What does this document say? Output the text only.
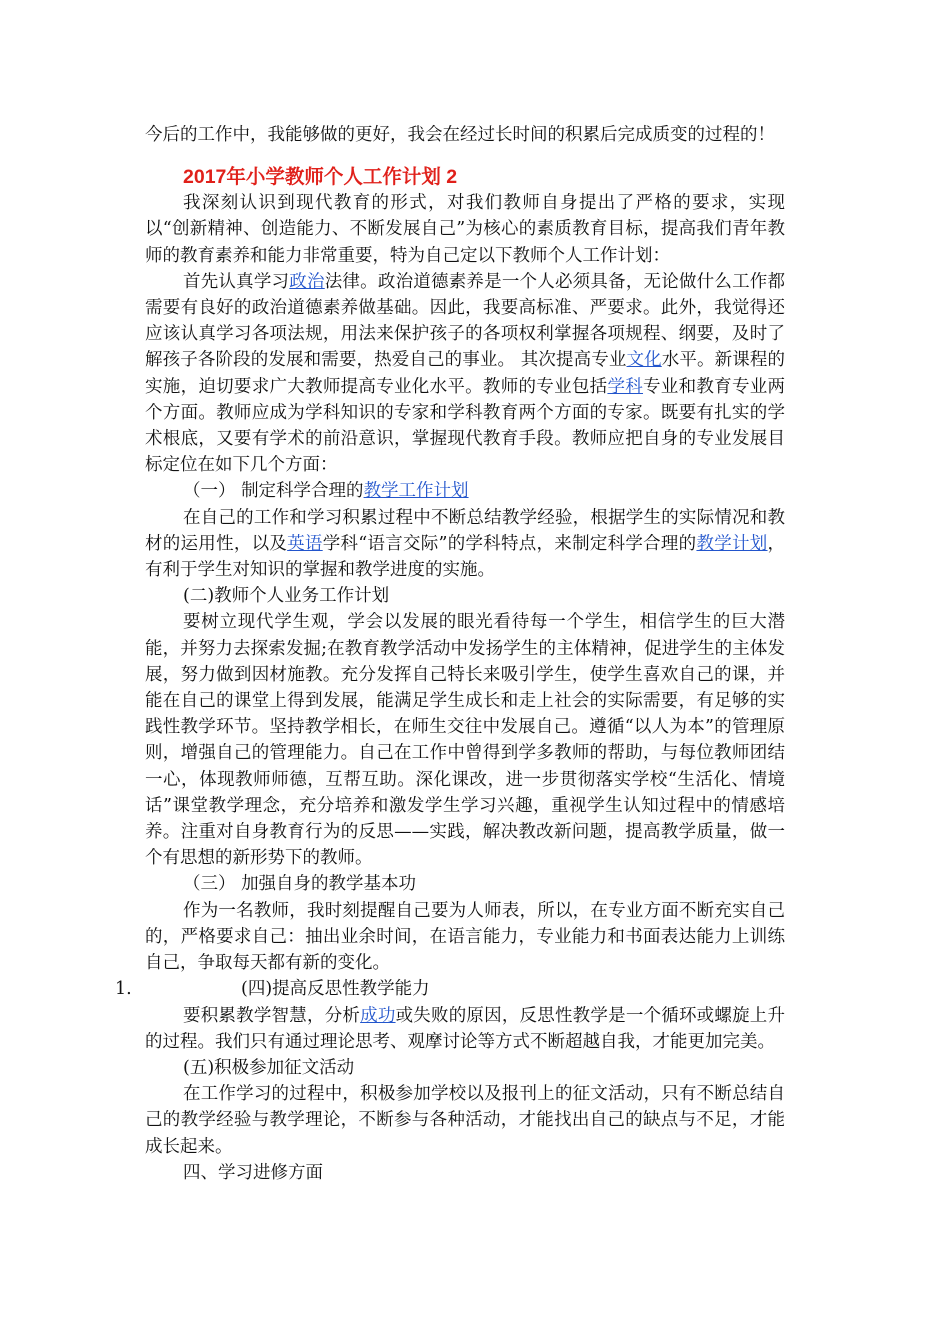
今后的工作中，我能够做的更好，我会在经过长时间的积累后完成质变的过程的！

2017年小学教师个人工作计划 2

我深刻认识到现代教育的形式，对我们教师自身提出了严格的要求，实现以“创新精神、创造能力、不断发展自己”为核心的素质教育目标，提高我们青年教师的教育素养和能力非常重要，特为自己定以下教师个人工作计划：

首先认真学习政治法律。政治道德素养是一个人必须具备，无论做什么工作都需要有良好的政治道德素养做基础。因此，我要高标准、严要求。此外，我觉得还应该认真学习各项法规，用法来保护孩子的各项权利掌握各项规程、纲要，及时了解孩子各阶段的发展和需要，热爱自己的事业。 其次提高专业文化水平。新课程的实施，迫切要求广大教师提高专业化水平。教师的专业包括学科专业和教育专业两个方面。教师应成为学科知识的专家和学科教育两个方面的专家。既要有扎实的学术根底，又要有学术的前沿意识，掌握现代教育手段。教师应把自身的专业发展目标定位在如下几个方面：

（一） 制定科学合理的教学工作计划

在自己的工作和学习积累过程中不断总结教学经验，根据学生的实际情况和教材的运用性，以及英语学科“语言交际”的学科特点，来制定科学合理的教学计划，有利于学生对知识的掌握和教学进度的实施。

(二)教师个人业务工作计划

要树立现代学生观，学会以发展的眼光看待每一个学生，相信学生的巨大潜能，并努力去探索发掘;在教育教学活动中发扬学生的主体精神，促进学生的主体发展，努力做到因材施教。充分发挥自己特长来吸引学生，使学生喜欢自己的课，并能在自己的课堂上得到发展，能满足学生成长和走上社会的实际需要，有足够的实践性教学环节。坚持教学相长，在师生交往中发展自己。遵循“以人为本”的管理原则，增强自己的管理能力。自己在工作中曾得到学多教师的帮助，与每位教师团结一心，体现教师师德，互帮互助。深化课改，进一步贯彻落实学校“生活化、情境话”课堂教学理念，充分培养和激发学生学习兴趣，重视学生认知过程中的情感培养。注重对自身教育行为的反思——实践，解决教改新问题，提高教学质量，做一个有思想的新形势下的教师。

（三） 加强自身的教学基本功

作为一名教师，我时刻提醒自己要为人师表，所以，在专业方面不断充实自己的，严格要求自己：抽出业余时间，在语言能力，专业能力和书面表达能力上训练自己，争取每天都有新的变化。

1.	(四)提高反思性教学能力

要积累教学智慧，分析成功或失败的原因，反思性教学是一个循环或螺旋上升的过程。我们只有通过理论思考、观摩讨论等方式不断超越自我，才能更加完美。

(五)积极参加征文活动

在工作学习的过程中，积极参加学校以及报刊上的征文活动，只有不断总结自己的教学经验与教学理论，不断参与各种活动，才能找出自己的缺点与不足，才能成长起来。

四、学习进修方面
